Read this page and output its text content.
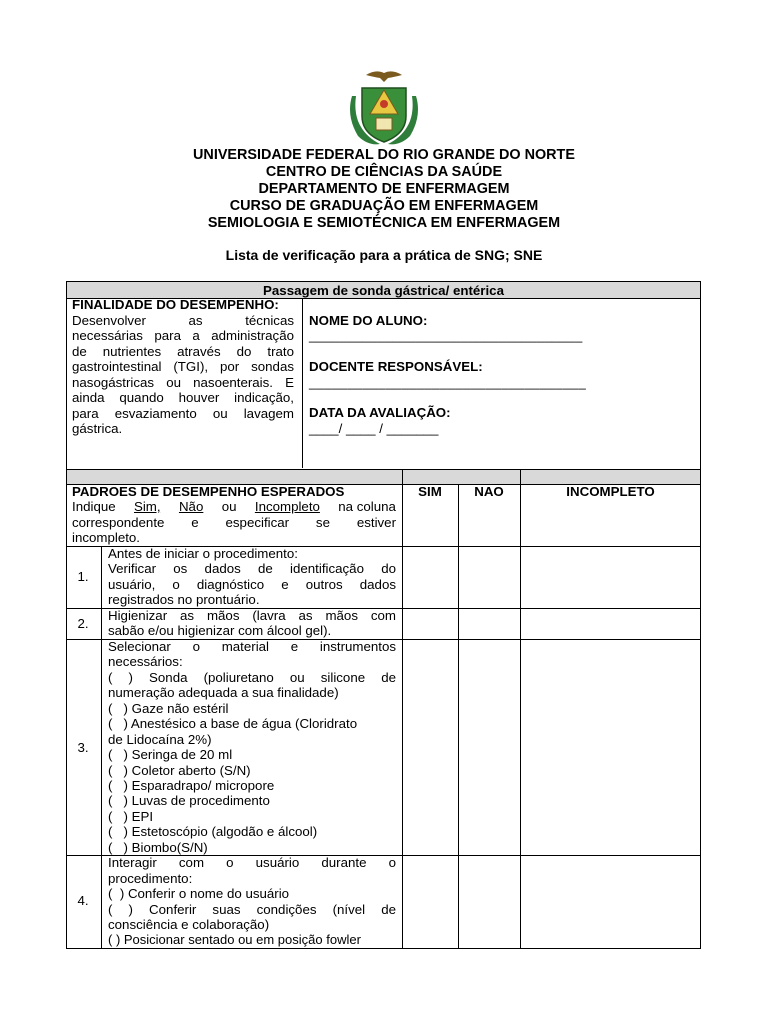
UNIVERSIDADE FEDERAL DO RIO GRANDE DO NORTE
CENTRO DE CIÊNCIAS DA SAÚDE
DEPARTAMENTO DE ENFERMAGEM
CURSO DE GRADUAÇÃO EM ENFERMAGEM
SEMIOLOGIA E SEMIOTÉCNICA EM ENFERMAGEM
Lista de verificação para a prática de SNG; SNE
Passagem de sonda gástrica/ entérica
FINALIDADE DO DESEMPENHO:
Desenvolver as técnicas
necessárias para a administração
de nutrientes através do trato
gastrointestinal (TGI), por sondas
nasogástricas ou nasoenterais. E
ainda quando houver indicação,
para esvaziamento ou lavagem
gástrica.
NOME DO ALUNO:
____________________________________
DOCENTE RESPONSÁVEL:
____________________________________
DATA DA AVALIAÇÃO:
____/ ____ / _______
PADROES DE DESEMPENHO ESPERADOS
Indique Sim, Não ou Incompleto na coluna
correspondente e especificar se estiver
incompleto.
SIM	NAO	INCOMPLETO
1.
Antes de iniciar o procedimento:
Verificar os dados de identificação do
usuário, o diagnóstico e outros dados
registrados no prontuário.
2.
Higienizar as mãos (lavra as mãos com
sabão e/ou higienizar com álcool gel).
3.
Selecionar o material e instrumentos
necessários:
( ) Sonda (poliuretano ou silicone de
numeração adequada a sua finalidade)
(   ) Gaze não estéril
(   ) Anestésico a base de água (Cloridrato
de Lidocaína 2%)
(   ) Seringa de 20 ml
(   ) Coletor aberto (S/N)
(   ) Esparadrapo/ micropore
(   ) Luvas de procedimento
(   ) EPI
(   ) Estetoscópio (algodão e álcool)
(   ) Biombo(S/N)
4.
Interagir com o usuário durante o
procedimento:
(  ) Conferir o nome do usuário
( ) Conferir suas condições (nível de
consciência e colaboração)
( ) Posicionar sentado ou em posição fowler
